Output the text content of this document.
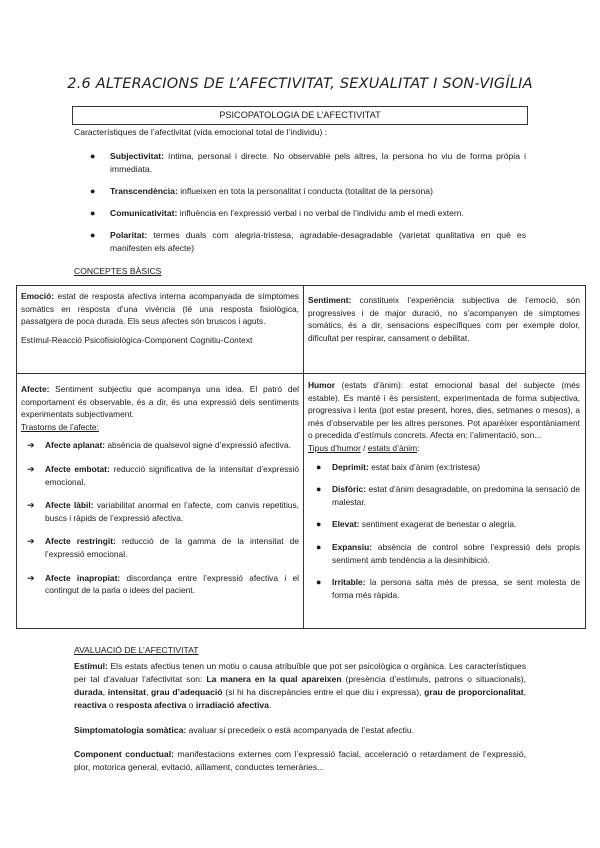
2.6 ALTERACIONS DE L’AFECTIVITAT, SEXUALITAT I SON-VIGÍLIA
PSICOPATOLOGIA DE L’AFECTIVITAT
Característiques de l’afectivitat (vida emocional total de l’individu) :
● Subjectivitat: íntima, personal i directe. No observable pels altres, la persona ho viu de forma pròpia i immediata.
● Transcendència: influeixen en tota la personalitat i conducta (totalitat de la persona)
● Comunicativitat: influència en l’expressió verbal i no verbal de l’individu amb el medi extern.
● Polaritat: termes duals com alegria-tristesa, agradable-desagradable (varietat qualitativa en què es manifesten els afecte)
CONCEPTES BÀSICS
Emoció: estat de resposta afectiva interna acompanyada de símptomes somàtics en resposta d’una vivència (té una resposta fisiològica, passatgera de poca durada. Els seus afectes són bruscos i aguts.
Estímul-Reacció Psicofisiològica-Component Cognitiu-Context
Sentiment: constitueix l’experiència subjectiva de l’emoció, són progressives i de major duració, no s’acompanyen de símptomes somàtics, és a dir, sensacions específiques com per exemple dolor, dificultat per respirar, cansament o debilitat.
Afecte: Sentiment subjectiu que acompanya una idea. El patró del comportament és observable, és a dir, és una expressió dels sentiments experimentats subjectivament.
Trastorns de l’afecte:
➔ Afecte aplanat: absència de qualsevol signe d’expressió afectiva.
➔ Afecte embotat: reducció significativa de la intensitat d’expressió emocional.
➔ Afecte làbil: variabilitat anormal en l’afecte, com canvis repetitius, buscs i ràpids de l’expressió afectiva.
➔ Afecte restringit: reducció de la gamma de la intensitat de l’expressió emocional.
➔ Afecte inapropiat: discordança entre l’expressió afectiva i el contingut de la parla o idees del pacient.
Humor (estats d’ànim): estat emocional basal del subjecte (més estable). Es manté i és persistent, experimentada de forma subjectiva, progressiva i lenta (pot estar present, hores, dies, setmanes o mesos), a més d’observable per les altres persones. Pot aparèixer espontàniament o precedida d’estímuls concrets. Afecta en: l’alimentació, son...
Tipus d’humor / estats d’ànim:
● Deprimit: estat baix d’ànim (ex:tristesa)
● Disfòric: estat d’ànim desagradable, on predomina la sensació de malestar.
● Elevat: sentiment exagerat de benestar o alegria.
● Expansiu: absència de control sobre l’expressió dels propis sentiment amb tendència a la desinhibició.
● Irritable: la persona salta més de pressa, se sent molesta de forma més ràpida.
AVALUACIÓ DE L’AFECTIVITAT
Estímul: Els estats afectius tenen un motiu o causa atribuïble que pot ser psicològica o orgànica. Les característiques per tal d’avaluar l’afectivitat son: La manera en la qual apareixen (presència d’estímuls, patrons o situacionals), durada, intensitat, grau d’adequació (si hi ha discrepàncies entre el que diu i expressa), grau de proporcionalitat, reactiva o resposta afectiva o irradiació afectiva.
Simptomatologia somàtica: avaluar si precedeix o està acompanyada de l’estat afectiu.
Component conductual: manifestacions externes com l’expressió facial, acceleració o retardament de l’expressió, plor, motorica general, evitació, aïllament, conductes temeràries...
